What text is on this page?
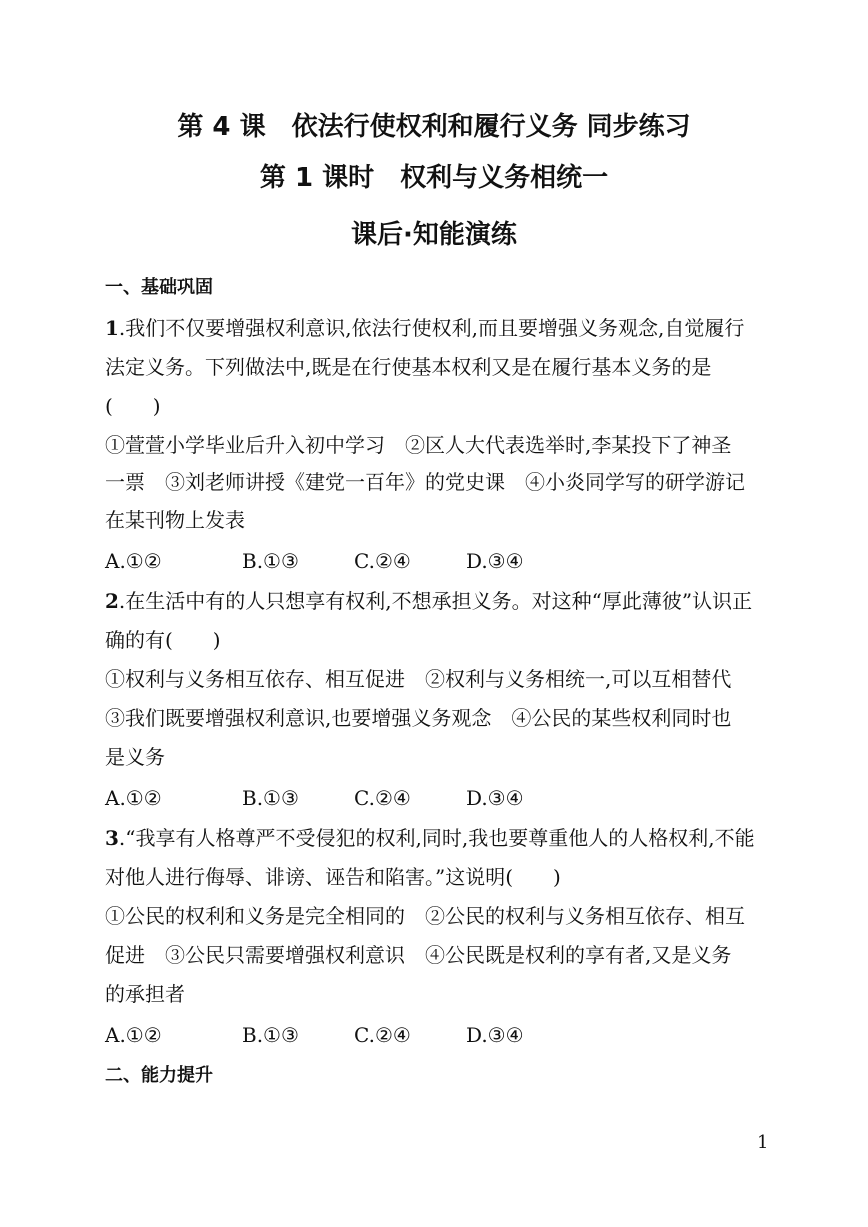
第 4 课　依法行使权利和履行义务 同步练习
第 1 课时　权利与义务相统一
课后·知能演练
一、基础巩固
1.我们不仅要增强权利意识,依法行使权利,而且要增强义务观念,自觉履行
法定义务。下列做法中,既是在行使基本权利又是在履行基本义务的是
(　　)
①萱萱小学毕业后升入初中学习　②区人大代表选举时,李某投下了神圣
一票　③刘老师讲授《建党一百年》的党史课　④小炎同学写的研学游记
在某刊物上发表
A.①②	B.①③	C.②④	D.③④
2.在生活中有的人只想享有权利,不想承担义务。对这种“厚此薄彼”认识正
确的有(　　)
①权利与义务相互依存、相互促进　②权利与义务相统一,可以互相替代
③我们既要增强权利意识,也要增强义务观念　④公民的某些权利同时也
是义务
A.①②	B.①③	C.②④	D.③④
3.“我享有人格尊严不受侵犯的权利,同时,我也要尊重他人的人格权利,不能
对他人进行侮辱、诽谤、诬告和陷害。”这说明(　　)
①公民的权利和义务是完全相同的　②公民的权利与义务相互依存、相互
促进　③公民只需要增强权利意识　④公民既是权利的享有者,又是义务
的承担者
A.①②	B.①③	C.②④	D.③④
二、能力提升
1
